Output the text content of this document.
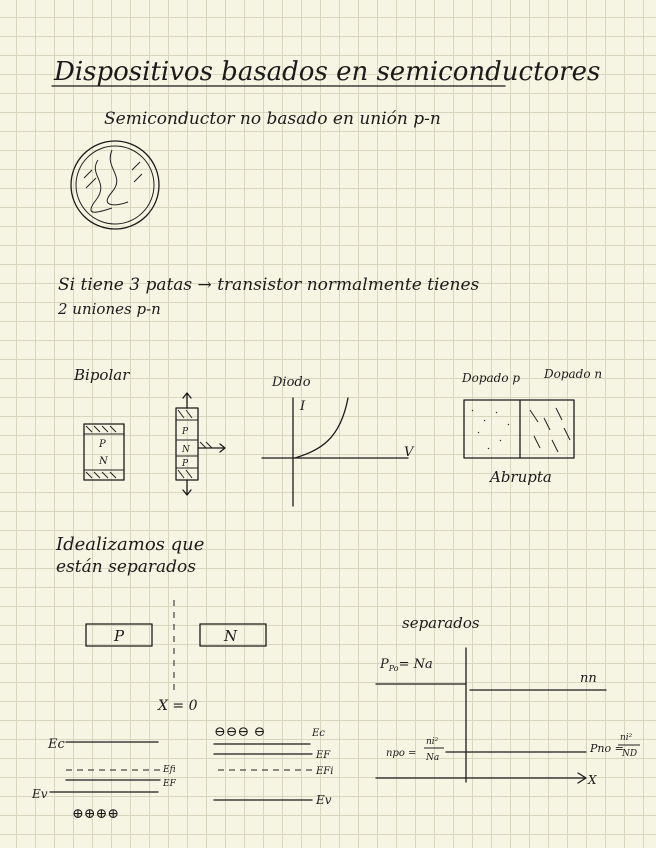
Dispositivos basados en semiconductores
Semiconductor no basado en unión p-n
Si tiene 3 patas → transistor normalmente tienes
2 uniones p-n
Bipolar
P
N
P
N
P
Diodo
I
V
Dopado p Dopado n
Abrupta
Idealizamos que
están separados
P	N
X = 0
separados
$P_{Po}= Na$
nn
npo =
ni²
Na
Pno =
ni²
ND
X
Ec
Efi
EF
Ev
⊕⊕⊕⊕
⊖⊖⊖ ⊖	Ec
EF
EFi
Ev
